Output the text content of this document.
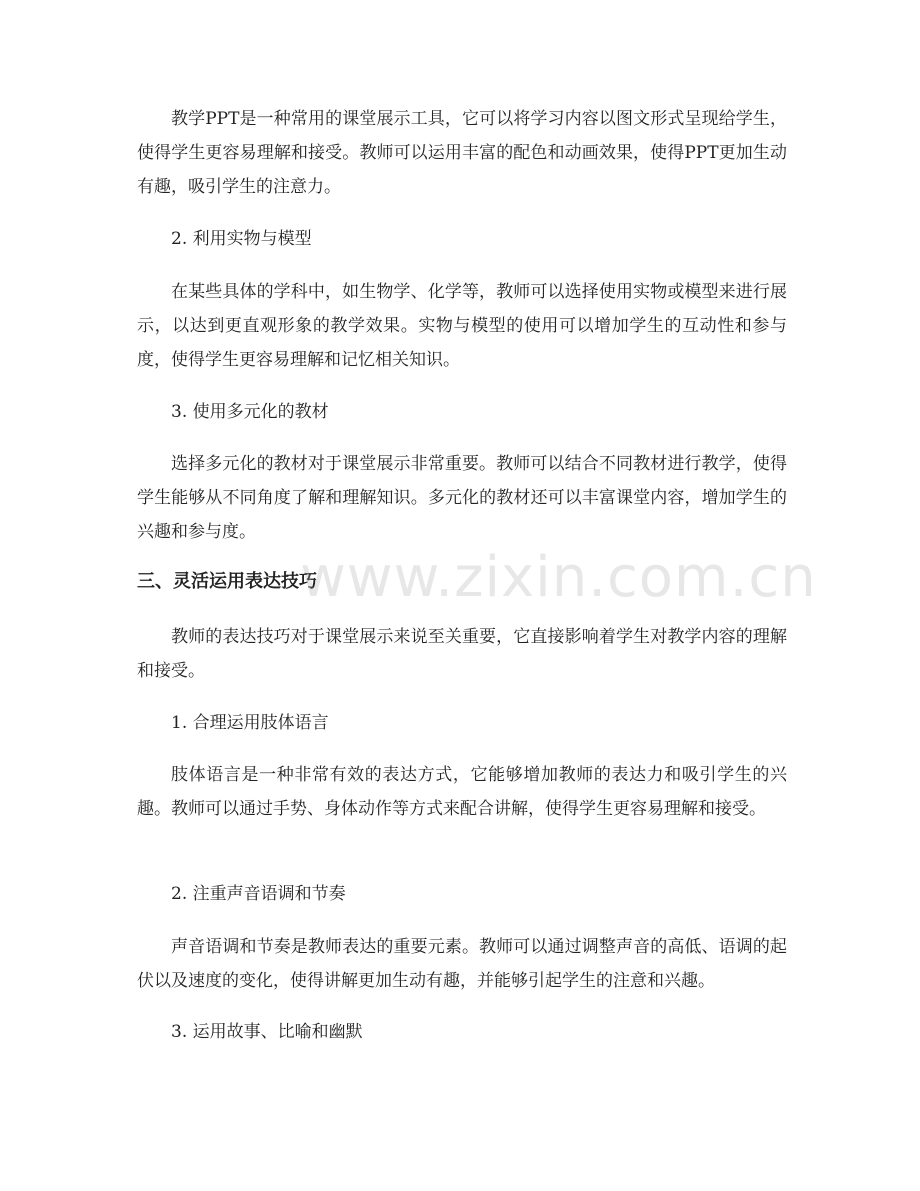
教学PPT是一种常用的课堂展示工具，它可以将学习内容以图文形式呈现给学生，使得学生更容易理解和接受。教师可以运用丰富的配色和动画效果，使得PPT更加生动有趣，吸引学生的注意力。

2. 利用实物与模型

在某些具体的学科中，如生物学、化学等，教师可以选择使用实物或模型来进行展示，以达到更直观形象的教学效果。实物与模型的使用可以增加学生的互动性和参与度，使得学生更容易理解和记忆相关知识。

3. 使用多元化的教材

选择多元化的教材对于课堂展示非常重要。教师可以结合不同教材进行教学，使得学生能够从不同角度了解和理解知识。多元化的教材还可以丰富课堂内容，增加学生的兴趣和参与度。

三、灵活运用表达技巧

教师的表达技巧对于课堂展示来说至关重要，它直接影响着学生对教学内容的理解和接受。

1. 合理运用肢体语言

肢体语言是一种非常有效的表达方式，它能够增加教师的表达力和吸引学生的兴趣。教师可以通过手势、身体动作等方式来配合讲解，使得学生更容易理解和接受。

2. 注重声音语调和节奏

声音语调和节奏是教师表达的重要元素。教师可以通过调整声音的高低、语调的起伏以及速度的变化，使得讲解更加生动有趣，并能够引起学生的注意和兴趣。

3. 运用故事、比喻和幽默

www.zixin.com.cn
